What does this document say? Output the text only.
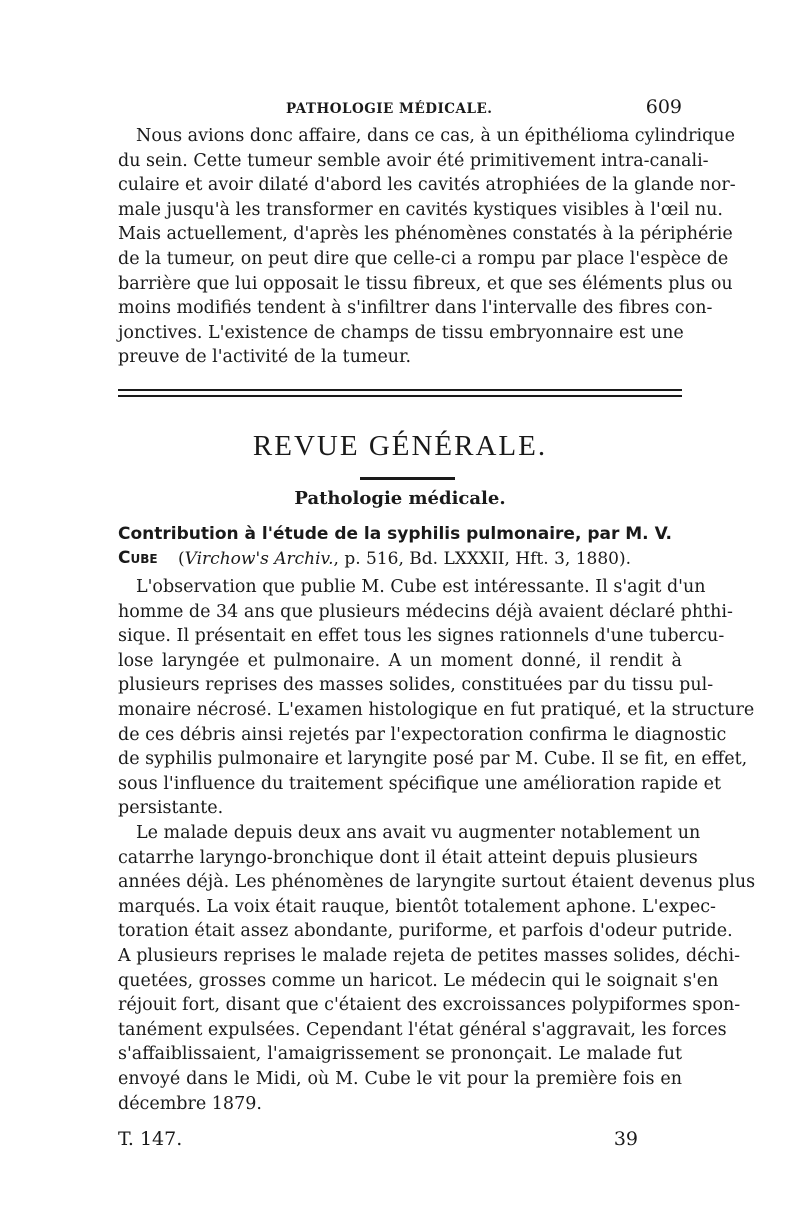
PATHOLOGIE MÉDICALE.	609

Nous avions donc affaire, dans ce cas, à un épithélioma cylindrique
du sein. Cette tumeur semble avoir été primitivement intra-canali-
culaire et avoir dilaté d'abord les cavités atrophiées de la glande nor-
male jusqu'à les transformer en cavités kystiques visibles à l'œil nu.
Mais actuellement, d'après les phénomènes constatés à la périphérie
de la tumeur, on peut dire que celle-ci a rompu par place l'espèce de
barrière que lui opposait le tissu fibreux, et que ses éléments plus ou
moins modifiés tendent à s'infiltrer dans l'intervalle des fibres con-
jonctives. L'existence de champs de tissu embryonnaire est une
preuve de l'activité de la tumeur.

REVUE GÉNÉRALE.
Pathologie médicale.
Contribution à l'étude de la syphilis pulmonaire, par M. V. Cube	(Virchow's Archiv., p. 516, Bd. LXXXII, Hft. 3, 1880).

L'observation que publie M. Cube est intéressante. Il s'agit d'un
homme de 34 ans que plusieurs médecins déjà avaient déclaré phthi-
sique. Il présentait en effet tous les signes rationnels d'une tubercu-
lose laryngée et pulmonaire. A un moment donné, il rendit à
plusieurs reprises des masses solides, constituées par du tissu pul-
monaire nécrosé. L'examen histologique en fut pratiqué, et la structure
de ces débris ainsi rejetés par l'expectoration confirma le diagnostic
de syphilis pulmonaire et laryngite posé par M. Cube. Il se fit, en effet,
sous l'influence du traitement spécifique une amélioration rapide et
persistante.

Le malade depuis deux ans avait vu augmenter notablement un
catarrhe laryngo-bronchique dont il était atteint depuis plusieurs
années déjà. Les phénomènes de laryngite surtout étaient devenus plus
marqués. La voix était rauque, bientôt totalement aphone. L'expec-
toration était assez abondante, puriforme, et parfois d'odeur putride.
A plusieurs reprises le malade rejeta de petites masses solides, déchi-
quetées, grosses comme un haricot. Le médecin qui le soignait s'en
réjouit fort, disant que c'étaient des excroissances polypiformes spon-
tanément expulsées. Cependant l'état général s'aggravait, les forces
s'affaiblissaient, l'amaigrissement se prononçait. Le malade fut
envoyé dans le Midi, où M. Cube le vit pour la première fois en
décembre 1879.

T. 147.	39
